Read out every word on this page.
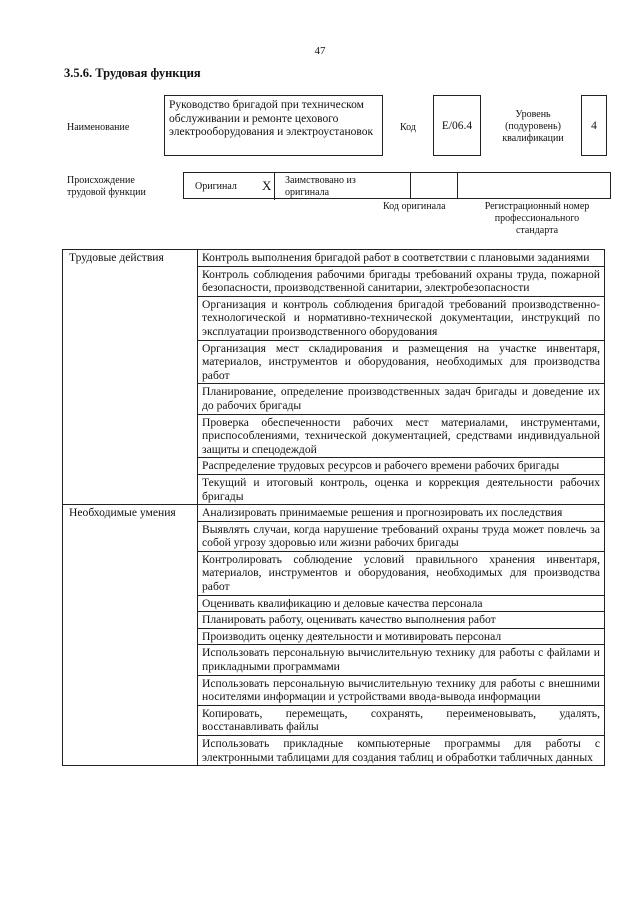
47
3.5.6. Трудовая функция
Наименование
Руководство бригадой при техническом обслуживании и ремонте цехового электрооборудования и электроустановок	Код	E/06.4
Уровень (подуровень) квалификации
4
Происхождение трудовой функции
Оригинал X Заимствовано из оригинала
Код оригинала	Регистрационный номер профессионального стандарта
Трудовые действия	Контроль выполнения бригадой работ в соответствии с плановыми заданиями
	Контроль соблюдения рабочими бригады требований охраны труда, пожарной безопасности, производственной санитарии, электробезопасности
	Организация и контроль соблюдения бригадой требований производственно-технологической и нормативно-технической документации, инструкций по эксплуатации производственного оборудования
	Организация мест складирования и размещения на участке инвентаря, материалов, инструментов и оборудования, необходимых для производства работ
	Планирование, определение производственных задач бригады и доведение их до рабочих бригады
	Проверка обеспеченности рабочих мест материалами, инструментами, приспособлениями, технической документацией, средствами индивидуальной защиты и спецодеждой
	Распределение трудовых ресурсов и рабочего времени рабочих бригады
	Текущий и итоговый контроль, оценка и коррекция деятельности рабочих бригады
Необходимые умения	Анализировать принимаемые решения и прогнозировать их последствия
	Выявлять случаи, когда нарушение требований охраны труда может повлечь за собой угрозу здоровью или жизни рабочих бригады
	Контролировать соблюдение условий правильного хранения инвентаря, материалов, инструментов и оборудования, необходимых для производства работ
	Оценивать квалификацию и деловые качества персонала
	Планировать работу, оценивать качество выполнения работ
	Производить оценку деятельности и мотивировать персонал
	Использовать персональную вычислительную технику для работы с файлами и прикладными программами
	Использовать персональную вычислительную технику для работы с внешними носителями информации и устройствами ввода-вывода информации
	Копировать, перемещать, сохранять, переименовывать, удалять, восстанавливать файлы
	Использовать прикладные компьютерные программы для работы с электронными таблицами для создания таблиц и обработки табличных данных
